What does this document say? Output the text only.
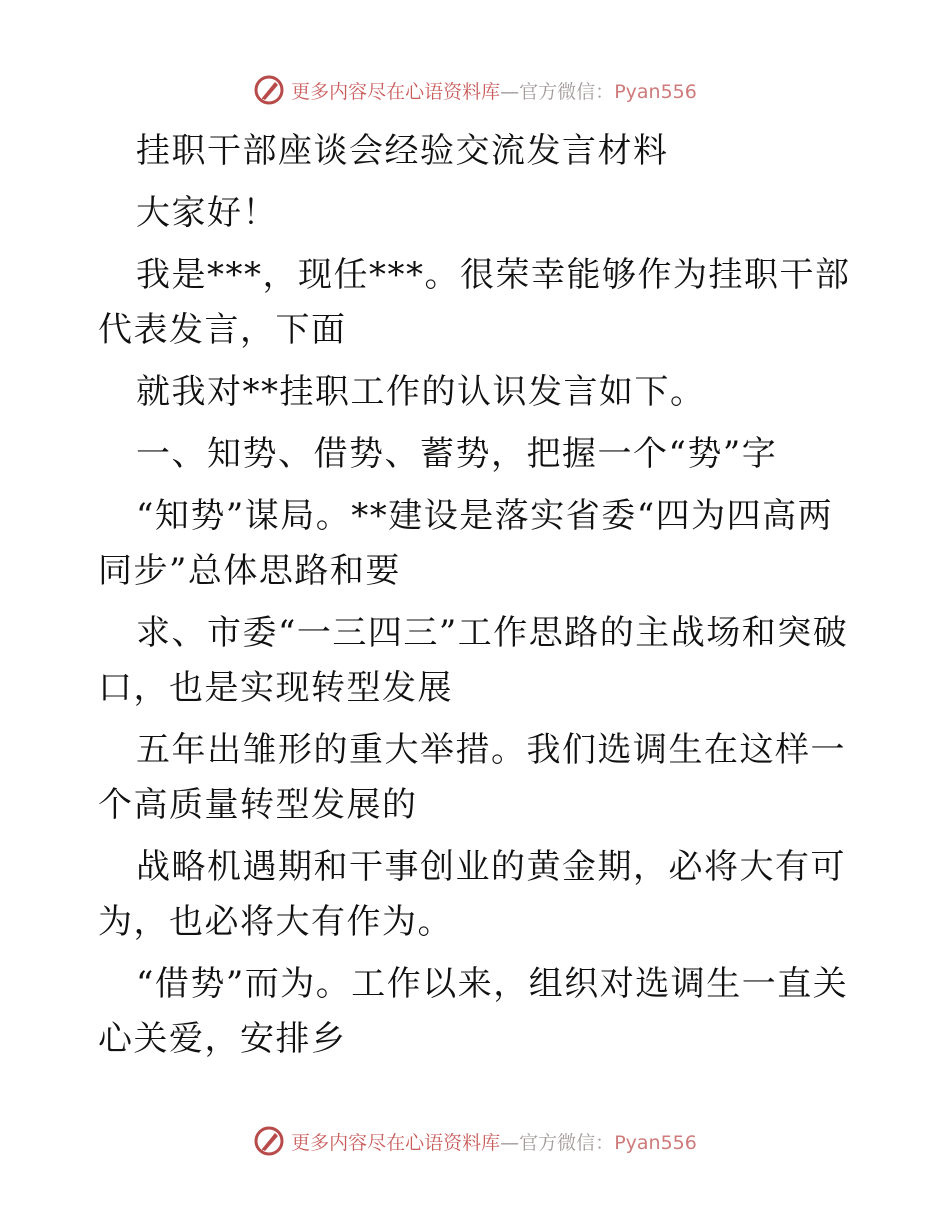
更多内容尽在心语资料库—官方微信：Pyan556

挂职干部座谈会经验交流发言材料

大家好！

我是***，现任***。很荣幸能够作为挂职干部代表发言，下面

就我对**挂职工作的认识发言如下。

一、知势、借势、蓄势，把握一个“势”字

“知势”谋局。**建设是落实省委“四为四高两同步”总体思路和要

求、市委“一三四三”工作思路的主战场和突破口，也是实现转型发展

五年出雏形的重大举措。我们选调生在这样一个高质量转型发展的

战略机遇期和干事创业的黄金期，必将大有可为，也必将大有作为。

“借势”而为。工作以来，组织对选调生一直关心关爱，安排乡

更多内容尽在心语资料库—官方微信：Pyan556
